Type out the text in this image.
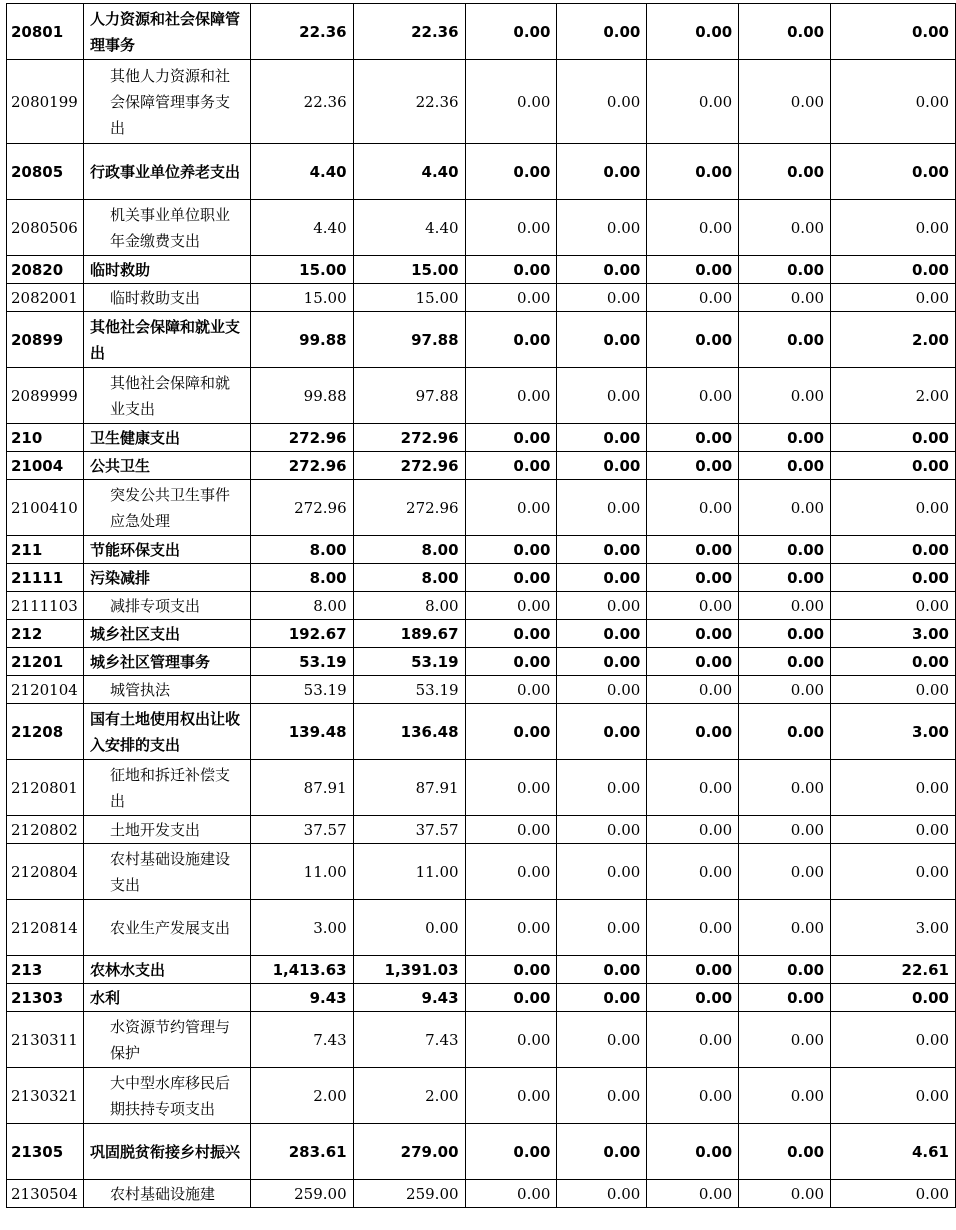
20801	人力资源和社会保障管理事务	22.36	22.36	0.00	0.00	0.00	0.00	0.00
2080199	其他人力资源和社会保障管理事务支出	22.36	22.36	0.00	0.00	0.00	0.00	0.00
20805	行政事业单位养老支出	4.40	4.40	0.00	0.00	0.00	0.00	0.00
2080506	机关事业单位职业年金缴费支出	4.40	4.40	0.00	0.00	0.00	0.00	0.00
20820	临时救助	15.00	15.00	0.00	0.00	0.00	0.00	0.00
2082001	临时救助支出	15.00	15.00	0.00	0.00	0.00	0.00	0.00
20899	其他社会保障和就业支出	99.88	97.88	0.00	0.00	0.00	0.00	2.00
2089999	其他社会保障和就业支出	99.88	97.88	0.00	0.00	0.00	0.00	2.00
210	卫生健康支出	272.96	272.96	0.00	0.00	0.00	0.00	0.00
21004	公共卫生	272.96	272.96	0.00	0.00	0.00	0.00	0.00
2100410	突发公共卫生事件应急处理	272.96	272.96	0.00	0.00	0.00	0.00	0.00
211	节能环保支出	8.00	8.00	0.00	0.00	0.00	0.00	0.00
21111	污染减排	8.00	8.00	0.00	0.00	0.00	0.00	0.00
2111103	减排专项支出	8.00	8.00	0.00	0.00	0.00	0.00	0.00
212	城乡社区支出	192.67	189.67	0.00	0.00	0.00	0.00	3.00
21201	城乡社区管理事务	53.19	53.19	0.00	0.00	0.00	0.00	0.00
2120104	城管执法	53.19	53.19	0.00	0.00	0.00	0.00	0.00
21208	国有土地使用权出让收入安排的支出	139.48	136.48	0.00	0.00	0.00	0.00	3.00
2120801	征地和拆迁补偿支出	87.91	87.91	0.00	0.00	0.00	0.00	0.00
2120802	土地开发支出	37.57	37.57	0.00	0.00	0.00	0.00	0.00
2120804	农村基础设施建设支出	11.00	11.00	0.00	0.00	0.00	0.00	0.00
2120814	农业生产发展支出	3.00	0.00	0.00	0.00	0.00	0.00	3.00
213	农林水支出	1,413.63	1,391.03	0.00	0.00	0.00	0.00	22.61
21303	水利	9.43	9.43	0.00	0.00	0.00	0.00	0.00
2130311	水资源节约管理与保护	7.43	7.43	0.00	0.00	0.00	0.00	0.00
2130321	大中型水库移民后期扶持专项支出	2.00	2.00	0.00	0.00	0.00	0.00	0.00
21305	巩固脱贫衔接乡村振兴	283.61	279.00	0.00	0.00	0.00	0.00	4.61
2130504	农村基础设施建	259.00	259.00	0.00	0.00	0.00	0.00	0.00
